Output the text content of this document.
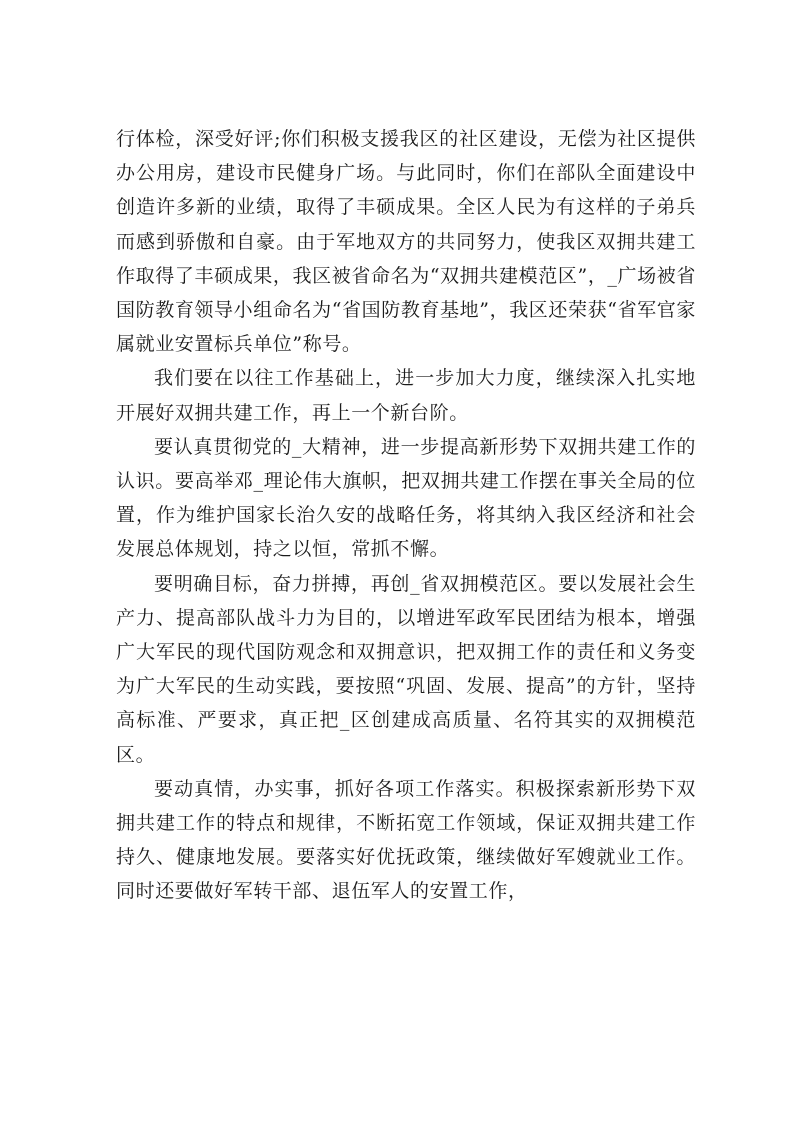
行体检，深受好评;你们积极支援我区的社区建设，无偿为社区提供办公用房，建设市民健身广场。与此同时，你们在部队全面建设中创造许多新的业绩，取得了丰硕成果。全区人民为有这样的子弟兵而感到骄傲和自豪。由于军地双方的共同努力，使我区双拥共建工作取得了丰硕成果，我区被省命名为“双拥共建模范区”，_广场被省国防教育领导小组命名为“省国防教育基地”，我区还荣获“省军官家属就业安置标兵单位”称号。

我们要在以往工作基础上，进一步加大力度，继续深入扎实地开展好双拥共建工作，再上一个新台阶。

要认真贯彻党的_大精神，进一步提高新形势下双拥共建工作的认识。要高举邓_理论伟大旗帜，把双拥共建工作摆在事关全局的位置，作为维护国家长治久安的战略任务，将其纳入我区经济和社会发展总体规划，持之以恒，常抓不懈。

要明确目标，奋力拼搏，再创_省双拥模范区。要以发展社会生产力、提高部队战斗力为目的，以增进军政军民团结为根本，增强广大军民的现代国防观念和双拥意识，把双拥工作的责任和义务变为广大军民的生动实践，要按照“巩固、发展、提高”的方针，坚持高标准、严要求，真正把_区创建成高质量、名符其实的双拥模范区。

要动真情，办实事，抓好各项工作落实。积极探索新形势下双拥共建工作的特点和规律，不断拓宽工作领域，保证双拥共建工作持久、健康地发展。要落实好优抚政策，继续做好军嫂就业工作。同时还要做好军转干部、退伍军人的安置工作，
